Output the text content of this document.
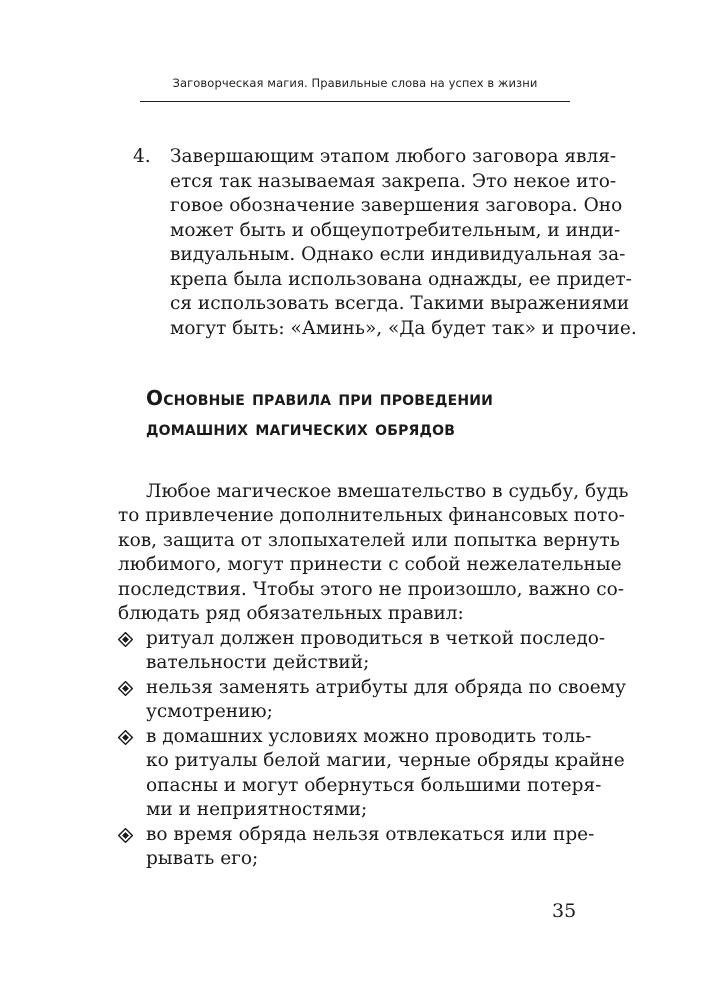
Заговорческая магия. Правильные слова на успех в жизни
4. Завершающим этапом любого заговора явля-
ется так называемая закрепа. Это некое ито-
говое обозначение завершения заговора. Оно
может быть и общеупотребительным, и инди-
видуальным. Однако если индивидуальная за-
крепа была использована однажды, ее придет-
ся использовать всегда. Такими выражениями
могут быть: «Аминь», «Да будет так» и прочие.
Основные правила при проведении
домашних магических обрядов
Любое магическое вмешательство в судьбу, будь
то привлечение дополнительных финансовых пото-
ков, защита от злопыхателей или попытка вернуть
любимого, могут принести с собой нежелательные
последствия. Чтобы этого не произошло, важно со-
блюдать ряд обязательных правил:
ритуал должен проводиться в четкой последо-
вательности действий;
нельзя заменять атрибуты для обряда по своему
усмотрению;
в домашних условиях можно проводить толь-
ко ритуалы белой магии, черные обряды крайне
опасны и могут обернуться большими потеря-
ми и неприятностями;
во время обряда нельзя отвлекаться или пре-
рывать его;
35
